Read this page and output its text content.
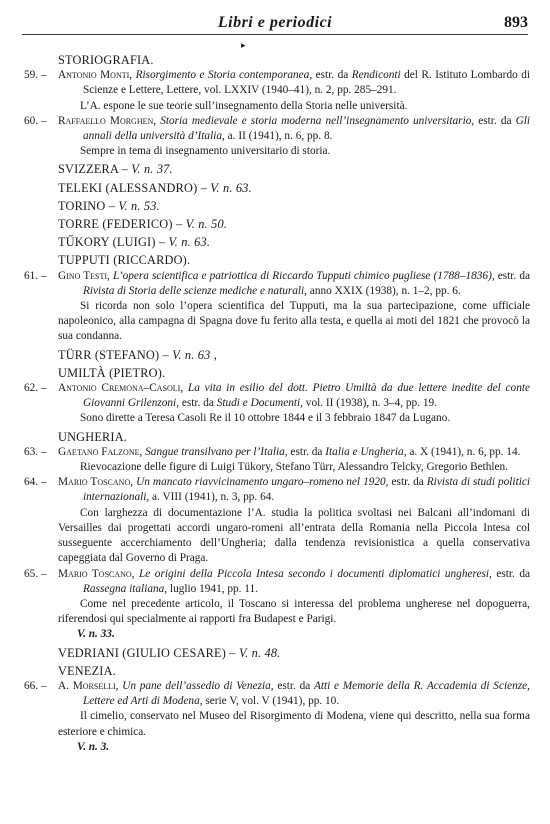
Libri e periodici	893
▸
STORIOGRAFIA.
59. – Antonio Monti, Risorgimento e Storia contemporanea, estr. da Rendiconti del R. Istituto Lombardo di Scienze e Lettere, Lettere, vol. LXXIV (1940–41), n. 2, pp. 285–291.
L’A. espone le sue teorie sull’insegnamento della Storia nelle università.
60. – Raffaello Morghen, Storia medievale e storia moderna nell’insegnamento universitario, estr. da Gli annali della università d’Italia, a. II (1941), n. 6, pp. 8.
Sempre in tema di insegnamento universitario di storia.
SVIZZERA – V. n. 37.
TELEKI (ALESSANDRO) – V. n. 63.
TORINO – V. n. 53.
TORRE (FEDERICO) – V. n. 50.
TŰKORY (LUIGI) – V. n. 63.
TUPPUTI (RICCARDO).
61. – Gino Testi, L’opera scientifica e patriottica di Riccardo Tupputi chimico pugliese (1788–1836), estr. da Rivista di Storia delle scienze mediche e naturali, anno XXIX (1938), n. 1–2, pp. 6.
Si ricorda non solo l’opera scientifica del Tupputi, ma la sua partecipazione, come ufficiale napoleonico, alla campagna di Spagna dove fu ferito alla testa, e quella ai moti del 1821 che provocò la sua condanna.
TÜRR (STEFANO) – V. n. 63 ,
UMILTÀ (PIETRO).
62. – Antonio Cremona–Casoli, La vita in esilio del dott. Pietro Umiltà da due lettere inedite del conte Giovanni Grilenzoni, estr. da Studi e Documenti, vol. II (1938), n. 3–4, pp. 19.
Sono dirette a Teresa Casoli Re il 10 ottobre 1844 e il 3 febbraio 1847 da Lugano.
UNGHERIA.
63. – Gaetano Falzone, Sangue transilvano per l’Italia, estr. da Italia e Ungheria, a. X (1941), n. 6, pp. 14.
Rievocazione delle figure di Luigi Tükory, Stefano Türr, Alessandro Telcky, Gregorio Bethlen.
64. – Mario Toscano, Un mancato riavvicinamento ungaro–romeno nel 1920, estr. da Rivista di studi politici internazionali, a. VIII (1941), n. 3, pp. 64.
Con larghezza di documentazione l’A. studia la politica svoltasi nei Balcani all’indomani di Versailles dai progettati accordi ungaro-romeni all’entrata della Romania nella Piccola Intesa col susseguente accerchiamento dell’Ungheria; dalla tendenza revisionistica a quella conservativa capeggiata dal Governo di Praga.
65. – Mario Toscano, Le origini della Piccola Intesa secondo i documenti diplomatici ungheresi, estr. da Rassegna italiana, luglio 1941, pp. 11.
Come nel precedente articolo, il Toscano si interessa del problema ungherese nel dopoguerra, riferendosi qui specialmente ai rapporti fra Budapest e Parigi.
V. n. 33.
VEDRIANI (GIULIO CESARE) – V. n. 48.
VENEZIA.
66. – A. Morselli, Un pane dell’assedio di Venezia, estr. da Atti e Memorie della R. Accademia di Scienze, Lettere ed Arti di Modena, serie V, vol. V (1941), pp. 10.
Il cimelio, conservato nel Museo del Risorgimento di Modena, viene qui descritto, nella sua forma esteriore e chimica.
V. n. 3.
